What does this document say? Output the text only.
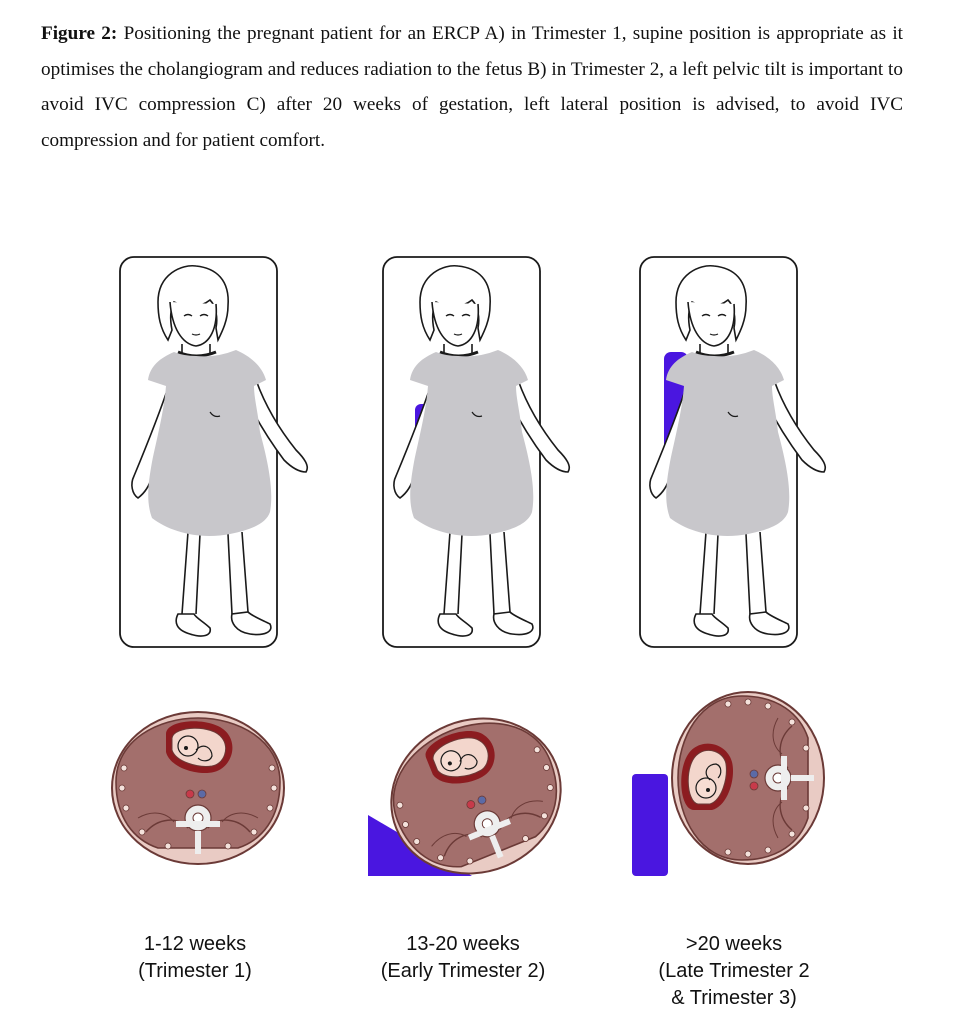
Figure 2: Positioning the pregnant patient for an ERCP A) in Trimester 1, supine position is appropriate as it optimises the cholangiogram and reduces radiation to the fetus B) in Trimester 2, a left pelvic tilt is important to avoid IVC compression C) after 20 weeks of gestation, left lateral position is advised, to avoid IVC compression and for patient comfort.

1-12 weeks
(Trimester 1)
13-20 weeks
(Early Trimester 2)
>20 weeks
(Late Trimester 2
& Trimester 3)
